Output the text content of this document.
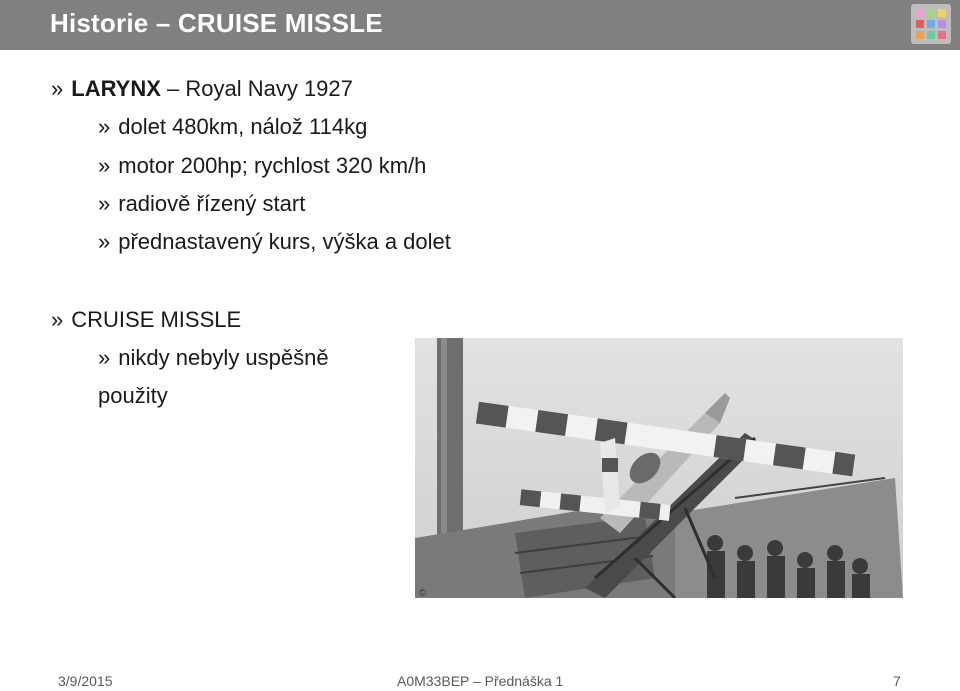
Historie – CRUISE MISSLE
» LARYNX – Royal Navy 1927
» dolet 480km, nálož 114kg
» motor 200hp; rychlost 320 km/h
» radiově řízený start
» přednastavený kurs, výška a dolet
» CRUISE MISSLE
» nikdy nebyly uspěšně
použity
©
3/9/2015	A0M33BEP – Přednáška 1	7
